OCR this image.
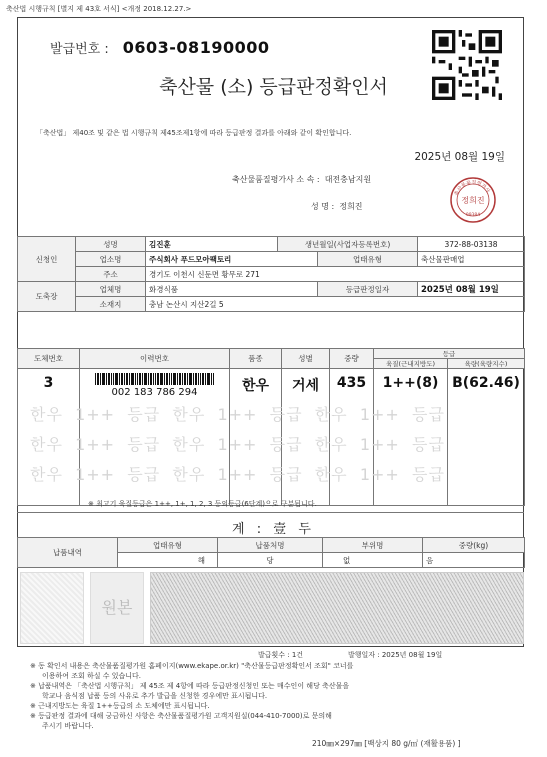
축산법 시행규칙 [별지 제 43호 서식] <개정 2018.12.27.>
발급번호 : 0603-08190000
축산물 (소) 등급판정확인서
「축산법」 제40조 및 같은 법 시행규칙 제45조제1항에 따라 등급판정 결과를 아래와 같이 확인합니다.
2025년 08월 19일
축산물품질평가사 소 속 : 대전충남지원
성 명 : 정희진
축산물품질평가사
정희진
99384
신청인	성명	김진훈	생년월일(사업자등록번호)		372-88-03138
	업소명	주식회사 푸드모아팩토리		업태유형	축산물판매업
	주소	경기도 이천시 신둔면 황무로 271			
도축장	업체명	화경식품		등급판정일자	2025년 08월 19일
	소재지	충남 논산시 지산2길 5			
도체번호	이력번호	품종	성별	중량	등급	
					육질(근내지방도)	육량(육량지수)
3	002 183 786 294	한우	거세	435	1++(8)	B(62.46)
한우 1++ 등급 한우 1++ 등급 한우 1++ 등급
한우 1++ 등급 한우 1++ 등급 한우 1++ 등급
한우 1++ 등급 한우 1++ 등급 한우 1++ 등급
※ 최고기 육질등급은 1++, 1+, 1, 2, 3 등외등급(6단계)으로 구분됩니다.
계 : 壹 두
납품내역	업태유형	납품처명	부위명	중량(kg)
	해	당	없	음
원본
발급횟수 : 1건	발행일자 : 2025년 08월 19일
※ 동 확인서 내용은 축산물품질평가원 홈페이지(www.ekape.or.kr) "축산물등급판정확인서 조회" 코너를
이용하여 조회 하실 수 있습니다.
※ 납품내역은 「축산법 시행규칙」 제 45조 제 4항에 따라 등급판정신청인 또는 매수인이 해당 축산물을
학교나 음식점 납품 등의 사유로 추가 발급을 신청한 경우에만 표시됩니다.
※ 근내지방도는 육질 1++등급의 소 도체에만 표시됩니다.
※ 등급판정 결과에 대해 궁금하신 사항은 축산물품질평가원 고객지원실(044-410-7000)로 문의해
주시기 바랍니다.
210㎜×297㎜ [백상지 80 g/㎡ (재활용품) ]
